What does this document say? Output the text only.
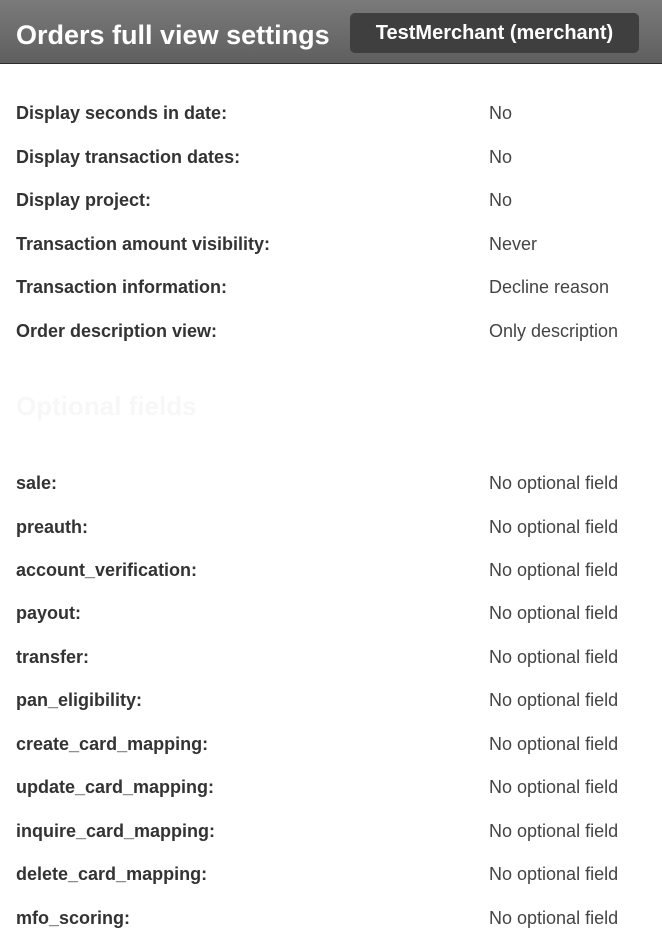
Orders full view settings	TestMerchant (merchant)
Display seconds in date:	No
Display transaction dates:	No
Display project:	No
Transaction amount visibility:	Never
Transaction information:	Decline reason
Order description view:	Only description
Optional fields
sale:	No optional field
preauth:	No optional field
account_verification:	No optional field
payout:	No optional field
transfer:	No optional field
pan_eligibility:	No optional field
create_card_mapping:	No optional field
update_card_mapping:	No optional field
inquire_card_mapping:	No optional field
delete_card_mapping:	No optional field
mfo_scoring:	No optional field
